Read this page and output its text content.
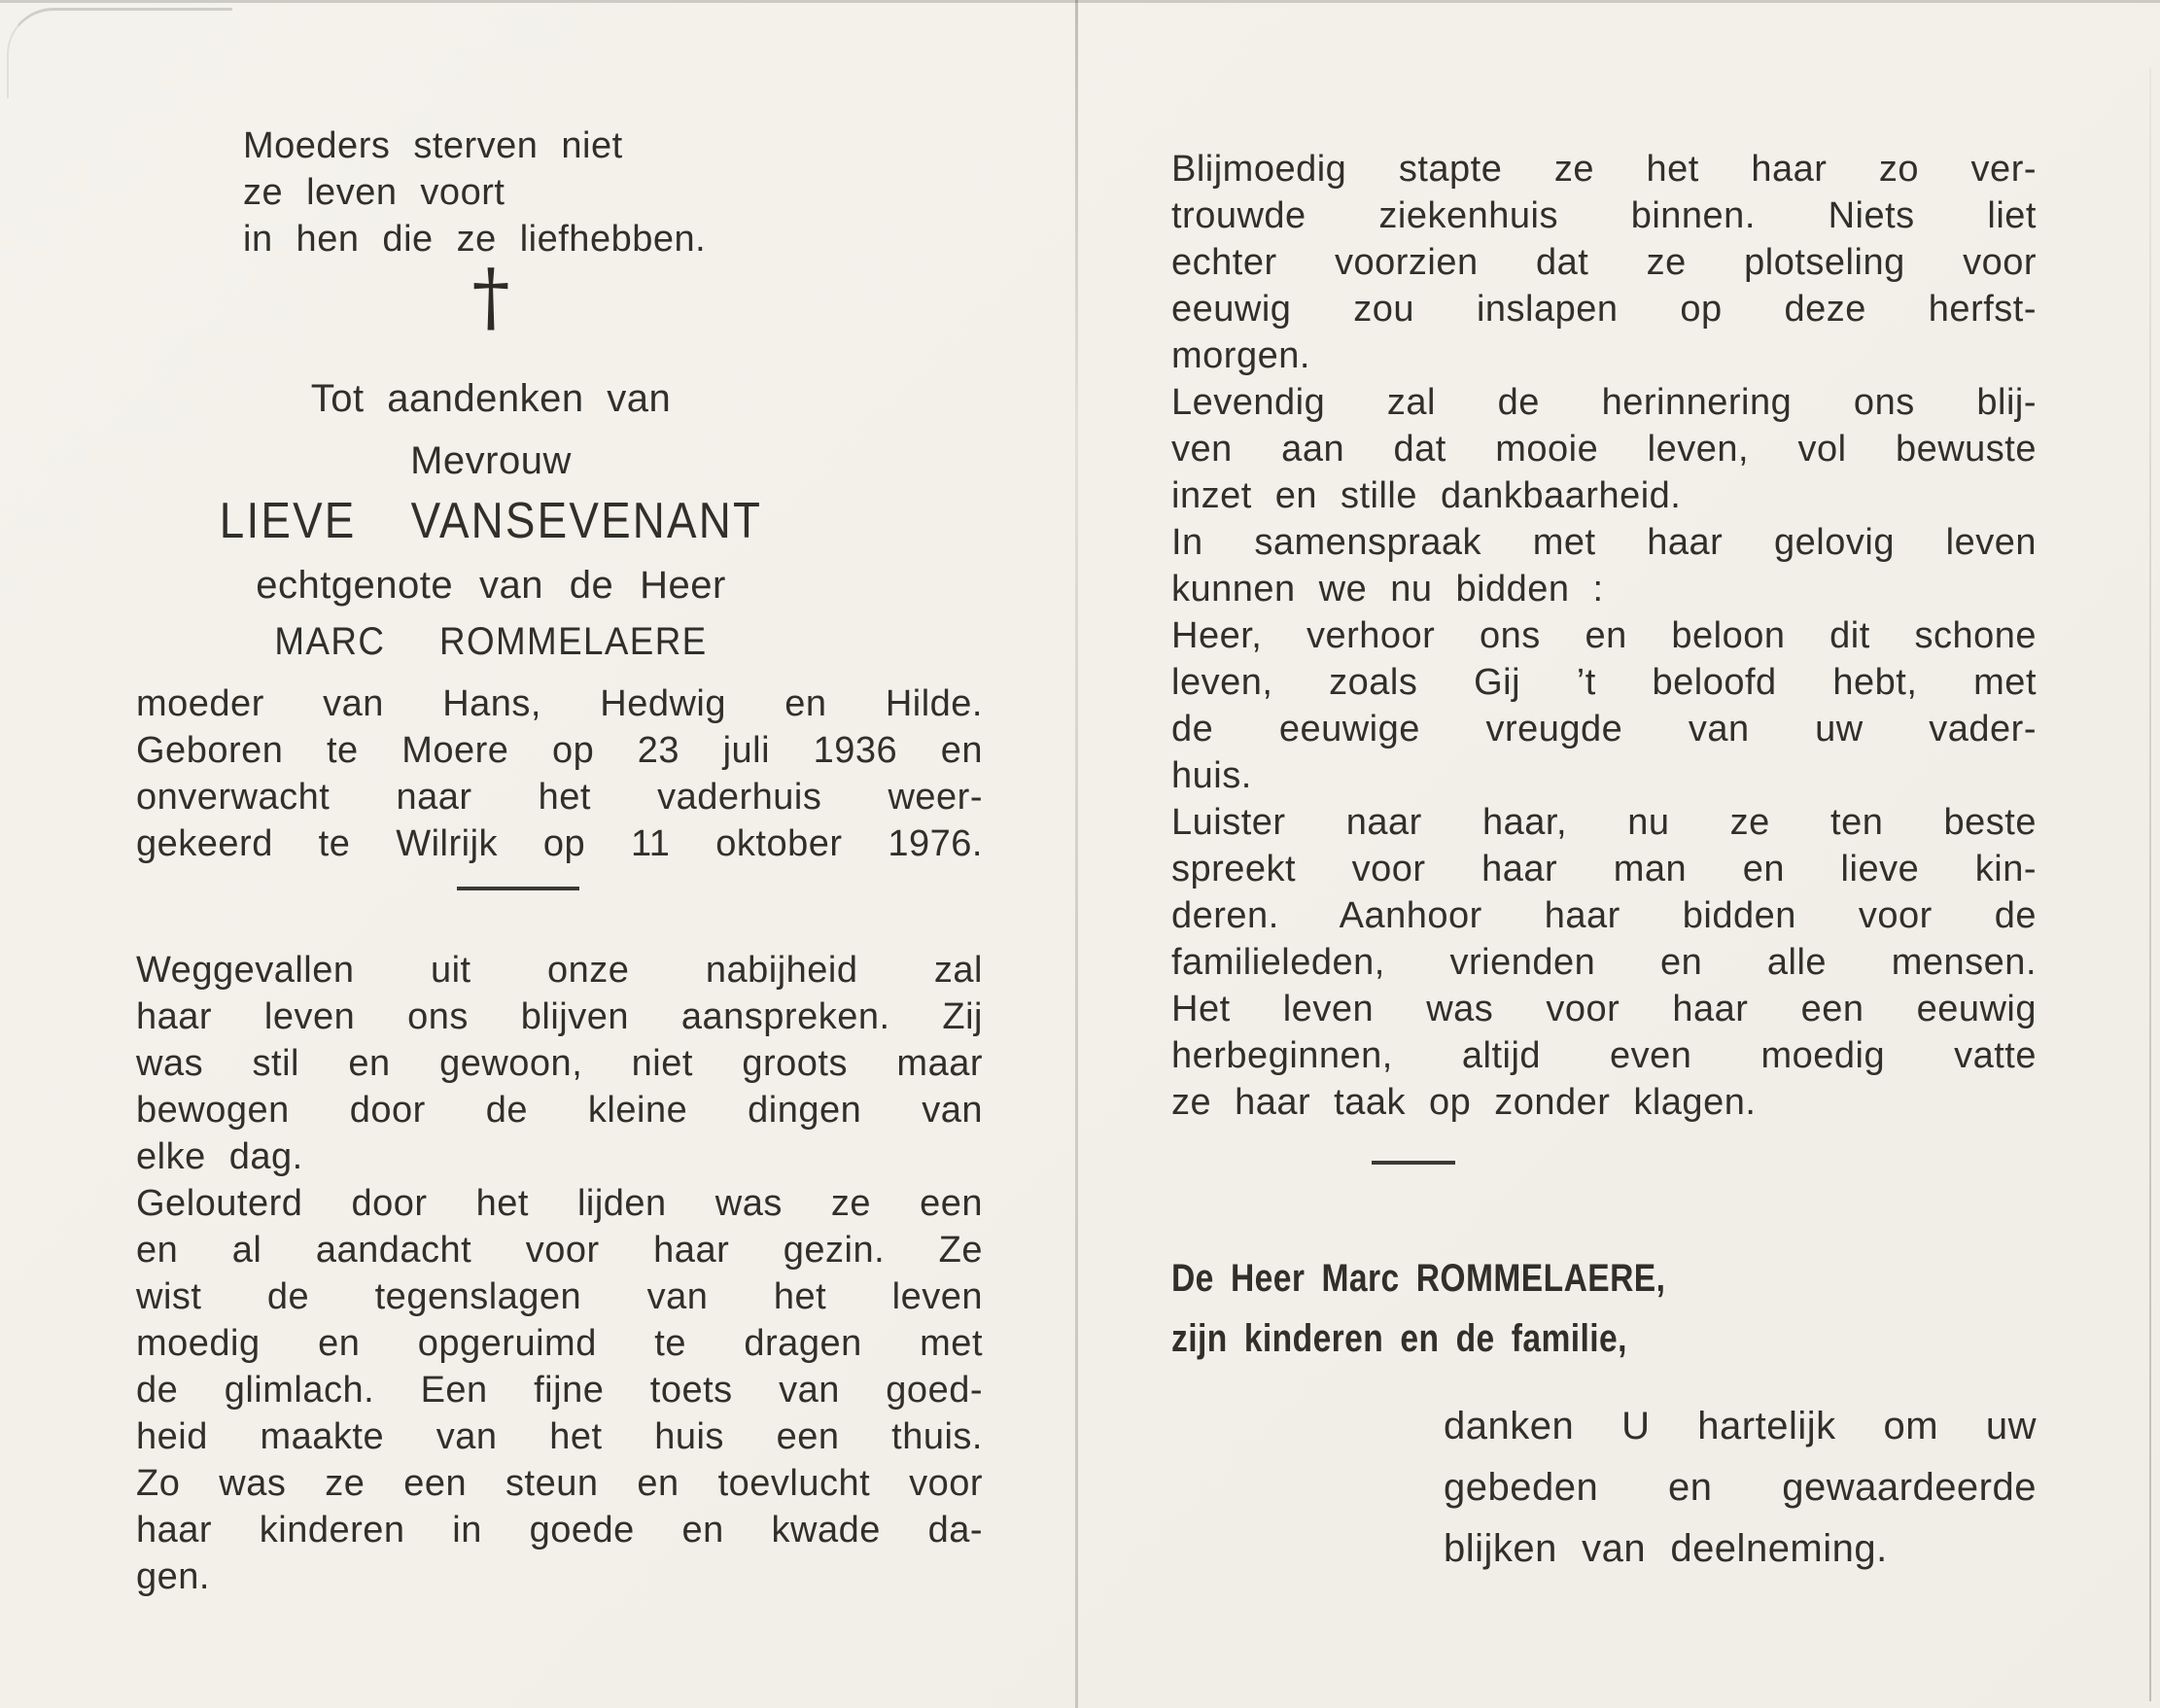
Moeders sterven niet
ze leven voort
in hen die ze liefhebben.
†
Tot aandenken van
Mevrouw
LIEVE VANSEVENANT
echtgenote van de Heer
MARC ROMMELAERE
moeder van Hans, Hedwig en Hilde.
Geboren te Moere op 23 juli 1936 en
onverwacht naar het vaderhuis weer-
gekeerd te Wilrijk op 11 oktober 1976.
Weggevallen uit onze nabijheid zal
haar leven ons blijven aanspreken. Zij
was stil en gewoon, niet groots maar
bewogen door de kleine dingen van
elke dag.
Gelouterd door het lijden was ze een
en al aandacht voor haar gezin. Ze
wist de tegenslagen van het leven
moedig en opgeruimd te dragen met
de glimlach. Een fijne toets van goed-
heid maakte van het huis een thuis.
Zo was ze een steun en toevlucht voor
haar kinderen in goede en kwade da-
gen.
Blijmoedig stapte ze het haar zo ver-
trouwde ziekenhuis binnen. Niets liet
echter voorzien dat ze plotseling voor
eeuwig zou inslapen op deze herfst-
morgen.
Levendig zal de herinnering ons blij-
ven aan dat mooie leven, vol bewuste
inzet en stille dankbaarheid.
In samenspraak met haar gelovig leven
kunnen we nu bidden :
Heer, verhoor ons en beloon dit schone
leven, zoals Gij ’t beloofd hebt, met
de eeuwige vreugde van uw vader-
huis.
Luister naar haar, nu ze ten beste
spreekt voor haar man en lieve kin-
deren. Aanhoor haar bidden voor de
familieleden, vrienden en alle mensen.
Het leven was voor haar een eeuwig
herbeginnen, altijd even moedig vatte
ze haar taak op zonder klagen.
De Heer Marc ROMMELAERE,
zijn kinderen en de familie,
danken U hartelijk om uw
gebeden en gewaardeerde
blijken van deelneming.
